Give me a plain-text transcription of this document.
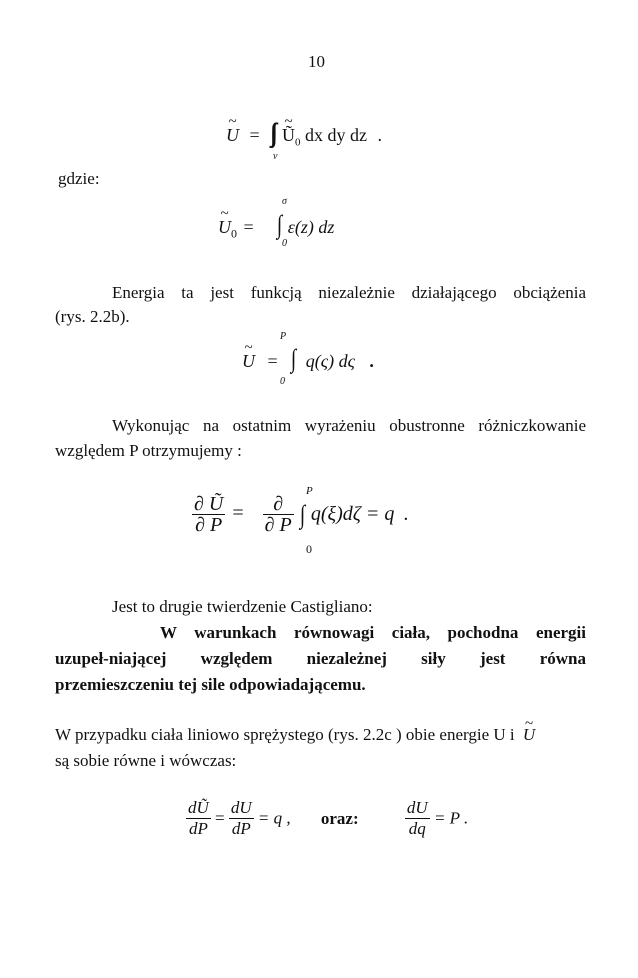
10
~ U = ∫∫∫ ~ $Ũ_0$ dx dy dz .
v
gdzie:
~ $U_0$ = ∫ ε(z) dz
σ
0
Energia ta jest funkcją niezależnie działającego obciążenia
(rys. 2.2b).
~ U = ∫ q(ς) dς .
P
0
Wykonując na ostatnim wyrażeniu obustronne różniczkowanie
względem P otrzymujemy :
$\frac{\partial Ũ}{\partial P} = \frac{\partial}{\partial P}$ ∫ q(ξ)dζ = q .
P
0
Jest to drugie twierdzenie Castigliano:
W warunkach równowagi ciała, pochodna energii
uzupeł-niającej względem niezależnej siły jest równa
przemieszczeniu tej sile odpowiadającemu.
W przypadku ciała liniowo sprężystego (rys. 2.2c ) obie energie U i ~ U
są sobie równe i wówczas:
$\frac{dŨ}{dP} = \frac{dU}{dP} = q$ , oraz:	$\frac{dU}{dq} = P$ .
